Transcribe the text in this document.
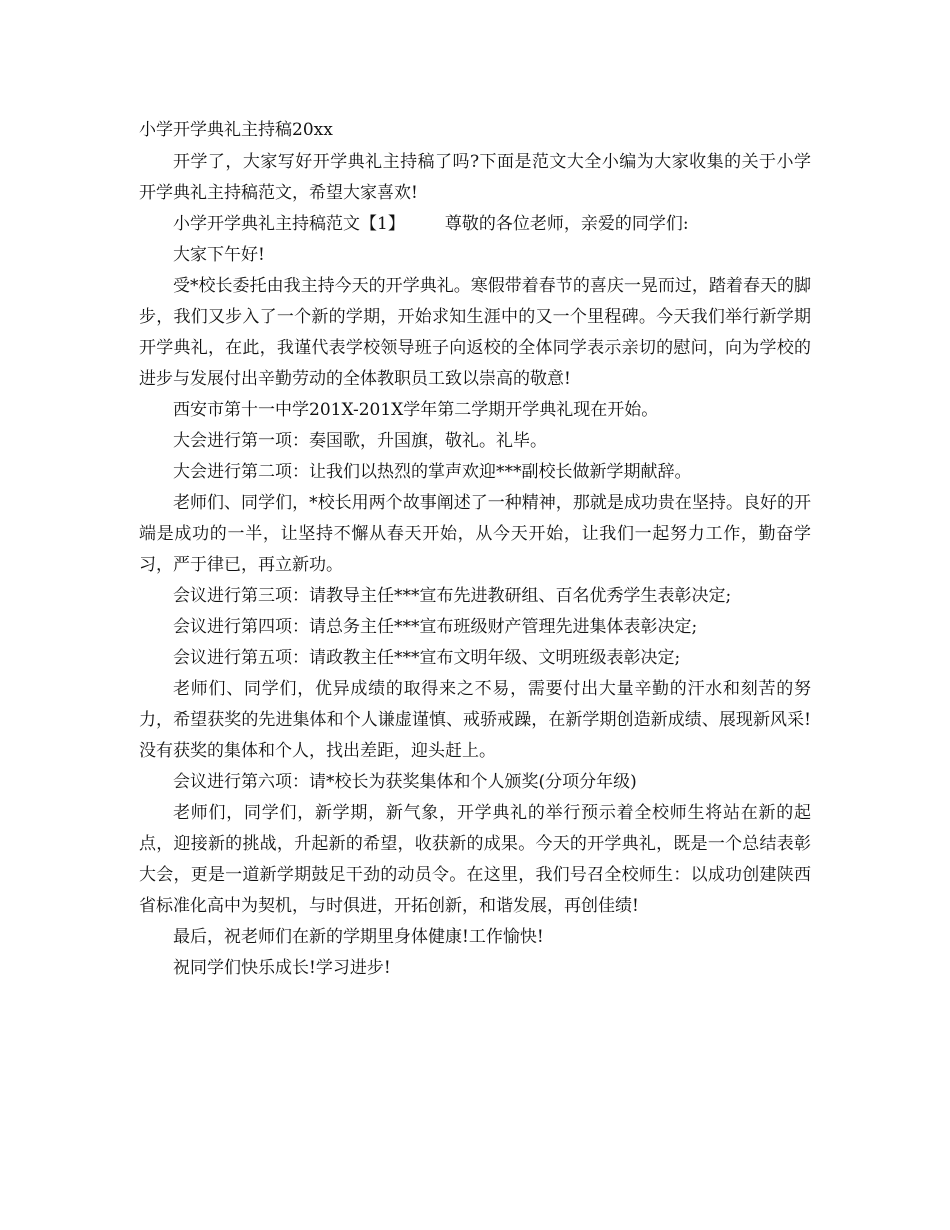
小学开学典礼主持稿20xx

开学了，大家写好开学典礼主持稿了吗?下面是范文大全小编为大家收集的关于小学开学典礼主持稿范文，希望大家喜欢!

小学开学典礼主持稿范文【1】 尊敬的各位老师，亲爱的同学们:

大家下午好!

受*校长委托由我主持今天的开学典礼。寒假带着春节的喜庆一晃而过，踏着春天的脚步，我们又步入了一个新的学期，开始求知生涯中的又一个里程碑。今天我们举行新学期开学典礼，在此，我谨代表学校领导班子向返校的全体同学表示亲切的慰问，向为学校的进步与发展付出辛勤劳动的全体教职员工致以崇高的敬意!

西安市第十一中学201X-201X学年第二学期开学典礼现在开始。

大会进行第一项：奏国歌，升国旗，敬礼。礼毕。

大会进行第二项：让我们以热烈的掌声欢迎***副校长做新学期献辞。

老师们、同学们，*校长用两个故事阐述了一种精神，那就是成功贵在坚持。良好的开端是成功的一半，让坚持不懈从春天开始，从今天开始，让我们一起努力工作，勤奋学习，严于律已，再立新功。

会议进行第三项：请教导主任***宣布先进教研组、百名优秀学生表彰决定;

会议进行第四项：请总务主任***宣布班级财产管理先进集体表彰决定;

会议进行第五项：请政教主任***宣布文明年级、文明班级表彰决定;

老师们、同学们，优异成绩的取得来之不易，需要付出大量辛勤的汗水和刻苦的努力，希望获奖的先进集体和个人谦虚谨慎、戒骄戒躁，在新学期创造新成绩、展现新风采!没有获奖的集体和个人，找出差距，迎头赶上。

会议进行第六项：请*校长为获奖集体和个人颁奖(分项分年级)

老师们，同学们，新学期，新气象，开学典礼的举行预示着全校师生将站在新的起点，迎接新的挑战，升起新的希望，收获新的成果。今天的开学典礼，既是一个总结表彰大会，更是一道新学期鼓足干劲的动员令。在这里，我们号召全校师生：以成功创建陕西省标准化高中为契机，与时俱进，开拓创新，和谐发展，再创佳绩!

最后，祝老师们在新的学期里身体健康!工作愉快!

祝同学们快乐成长!学习进步!
